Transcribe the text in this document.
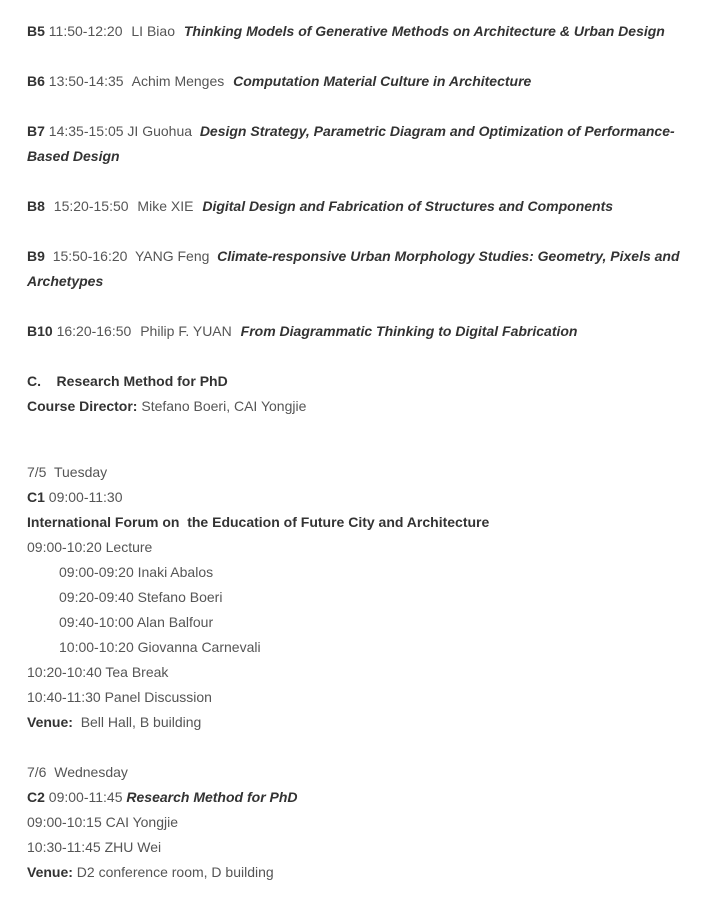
B5 11:50-12:20 LI Biao Thinking Models of Generative Methods on Architecture & Urban Design
B6 13:50-14:35 Achim Menges Computation Material Culture in Architecture
B7 14:35-15:05 JI Guohua Design Strategy, Parametric Diagram and Optimization of Performance-Based Design
B8 15:20-15:50 Mike XIE Digital Design and Fabrication of Structures and Components
B9 15:50-16:20 YANG Feng Climate-responsive Urban Morphology Studies: Geometry, Pixels and Archetypes
B10 16:20-16:50 Philip F. YUAN From Diagrammatic Thinking to Digital Fabrication
C.    Research Method for PhD
Course Director: Stefano Boeri, CAI Yongjie
7/5  Tuesday
C1 09:00-11:30
International Forum on  the Education of Future City and Architecture
09:00-10:20 Lecture
09:00-09:20 Inaki Abalos
09:20-09:40 Stefano Boeri
09:40-10:00 Alan Balfour
10:00-10:20 Giovanna Carnevali
10:20-10:40 Tea Break
10:40-11:30 Panel Discussion
Venue: Bell Hall, B building
7/6  Wednesday
C2 09:00-11:45 Research Method for PhD
09:00-10:15 CAI Yongjie
10:30-11:45 ZHU Wei
Venue: D2 conference room, D building
